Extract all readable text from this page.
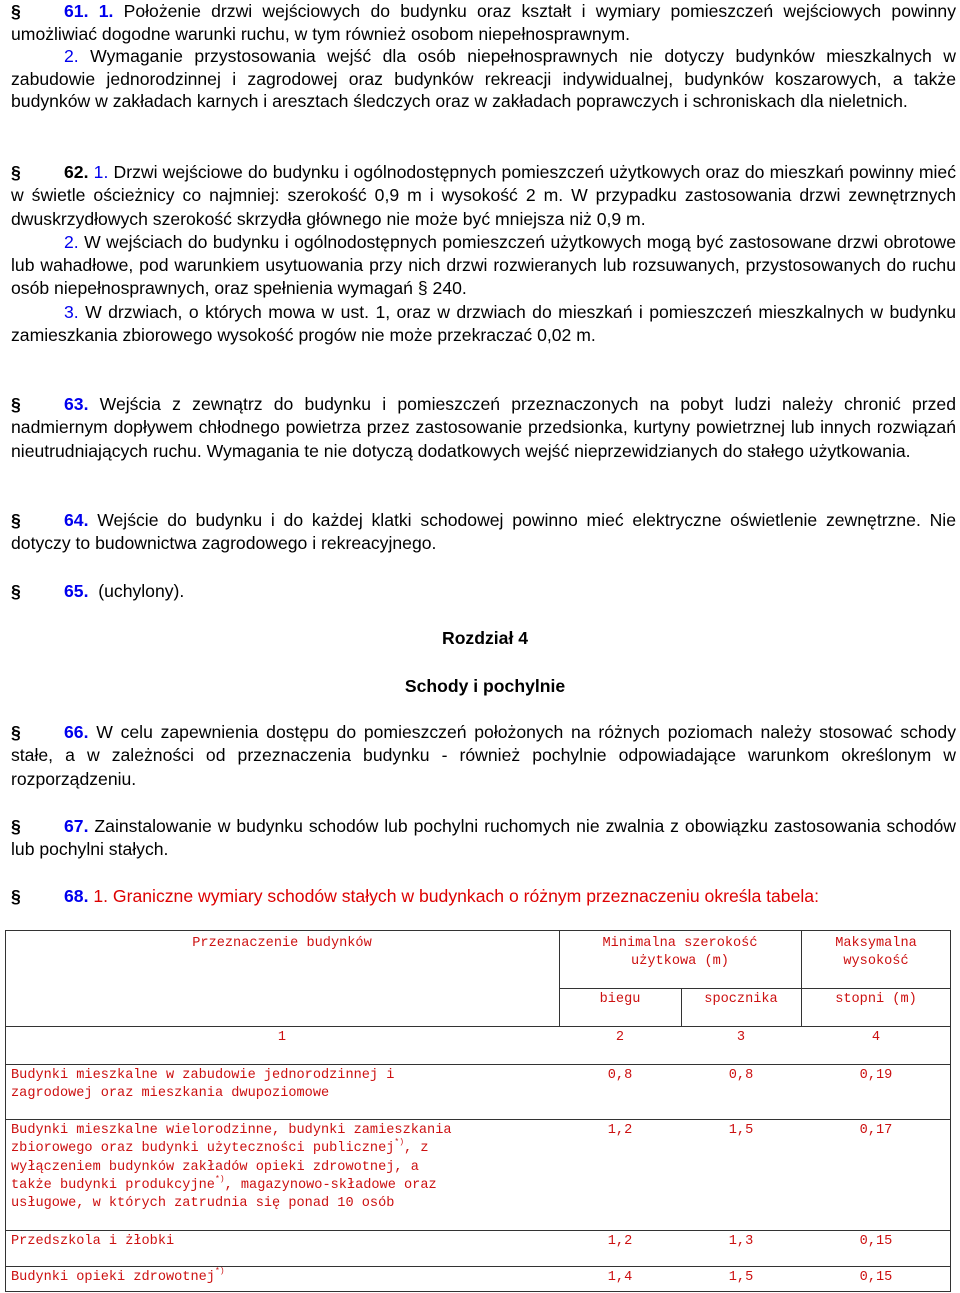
§ 61. 1. Położenie drzwi wejściowych do budynku oraz kształt i wymiary pomieszczeń wejściowych powinny umożliwiać dogodne warunki ruchu, w tym również osobom niepełnosprawnym.
2. Wymaganie przystosowania wejść dla osób niepełnosprawnych nie dotyczy budynków mieszkalnych w zabudowie jednorodzinnej i zagrodowej oraz budynków rekreacji indywidualnej, budynków koszarowych, a także budynków w zakładach karnych i aresztach śledczych oraz w zakładach poprawczych i schroniskach dla nieletnich.
§ 62. 1. Drzwi wejściowe do budynku i ogólnodostępnych pomieszczeń użytkowych oraz do mieszkań powinny mieć w świetle ościeżnicy co najmniej: szerokość 0,9 m i wysokość 2 m. W przypadku zastosowania drzwi zewnętrznych dwuskrzydłowych szerokość skrzydła głównego nie może być mniejsza niż 0,9 m.
2. W wejściach do budynku i ogólnodostępnych pomieszczeń użytkowych mogą być zastosowane drzwi obrotowe lub wahadłowe, pod warunkiem usytuowania przy nich drzwi rozwieranych lub rozsuwanych, przystosowanych do ruchu osób niepełnosprawnych, oraz spełnienia wymagań § 240.
3. W drzwiach, o których mowa w ust. 1, oraz w drzwiach do mieszkań i pomieszczeń mieszkalnych w budynku zamieszkania zbiorowego wysokość progów nie może przekraczać 0,02 m.
§ 63. Wejścia z zewnątrz do budynku i pomieszczeń przeznaczonych na pobyt ludzi należy chronić przed nadmiernym dopływem chłodnego powietrza przez zastosowanie przedsionka, kurtyny powietrznej lub innych rozwiązań nieutrudniających ruchu. Wymagania te nie dotyczą dodatkowych wejść nieprzewidzianych do stałego użytkowania.
§ 64. Wejście do budynku i do każdej klatki schodowej powinno mieć elektryczne oświetlenie zewnętrzne. Nie dotyczy to budownictwa zagrodowego i rekreacyjnego.
§ 65. (uchylony).
Rozdział 4
Schody i pochylnie
§ 66. W celu zapewnienia dostępu do pomieszczeń położonych na różnych poziomach należy stosować schody stałe, a w zależności od przeznaczenia budynku - również pochylnie odpowiadające warunkom określonym w rozporządzeniu.
§ 67. Zainstalowanie w budynku schodów lub pochylni ruchomych nie zwalnia z obowiązku zastosowania schodów lub pochylni stałych.
§ 68. 1. Graniczne wymiary schodów stałych w budynkach o różnym przeznaczeniu określa tabela:
Przeznaczenie budynków	Minimalna szerokość
użytkowa (m)
Maksymalna
wysokość
biegu	spocznika	stopni (m)
1	2	3	4
Budynki mieszkalne w zabudowie jednorodzinnej i
zagrodowej oraz mieszkania dwupoziomowe
0,8	0,8	0,19
Budynki mieszkalne wielorodzinne, budynki zamieszkania
zbiorowego oraz budynki użyteczności publicznej*), z
wyłączeniem budynków zakładów opieki zdrowotnej, a
także budynki produkcyjne*), magazynowo-składowe oraz
usługowe, w których zatrudnia się ponad 10 osób
1,2	1,5	0,17
Przedszkola i żłobki	1,2	1,3	0,15
Budynki opieki zdrowotnej*)	1,4	1,5	0,15
